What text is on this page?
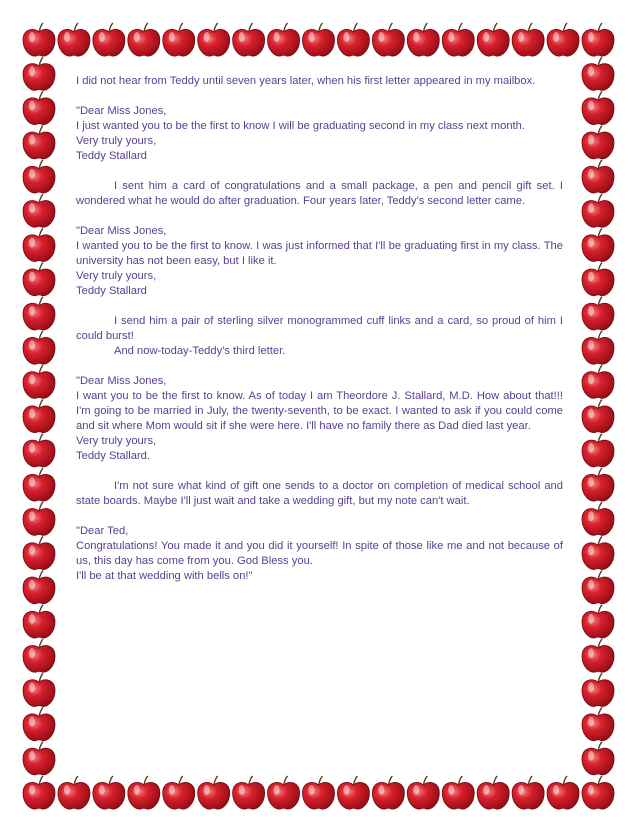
I did not hear from Teddy until seven years later, when his first letter appeared in my mailbox.

"Dear Miss Jones,
I just wanted you to be the first to know I will be graduating second in my class next month.
Very truly yours,
Teddy Stallard

I sent him a card of congratulations and a small package, a pen and pencil gift set. I wondered what he would do after graduation. Four years later, Teddy's second letter came.

"Dear Miss Jones,
I wanted you to be the first to know. I was just informed that I'll be graduating first in my class. The university has not been easy, but I like it.
Very truly yours,
Teddy Stallard

I send him a pair of sterling silver monogrammed cuff links and a card, so proud of him I could burst!
And now-today-Teddy's third letter.

"Dear Miss Jones,
I want you to be the first to know. As of today I am Theordore J. Stallard, M.D. How about that!!! I'm going to be married in July, the twenty-seventh, to be exact. I wanted to ask if you could come and sit where Mom would sit if she were here. I'll have no family there as Dad died last year.
Very truly yours,
Teddy Stallard.

I'm not sure what kind of gift one sends to a doctor on completion of medical school and state boards. Maybe I'll just wait and take a wedding gift, but my note can't wait.

"Dear Ted,
Congratulations! You made it and you did it yourself! In spite of those like me and not because of us, this day has come from you. God Bless you.
I'll be at that wedding with bells on!"
